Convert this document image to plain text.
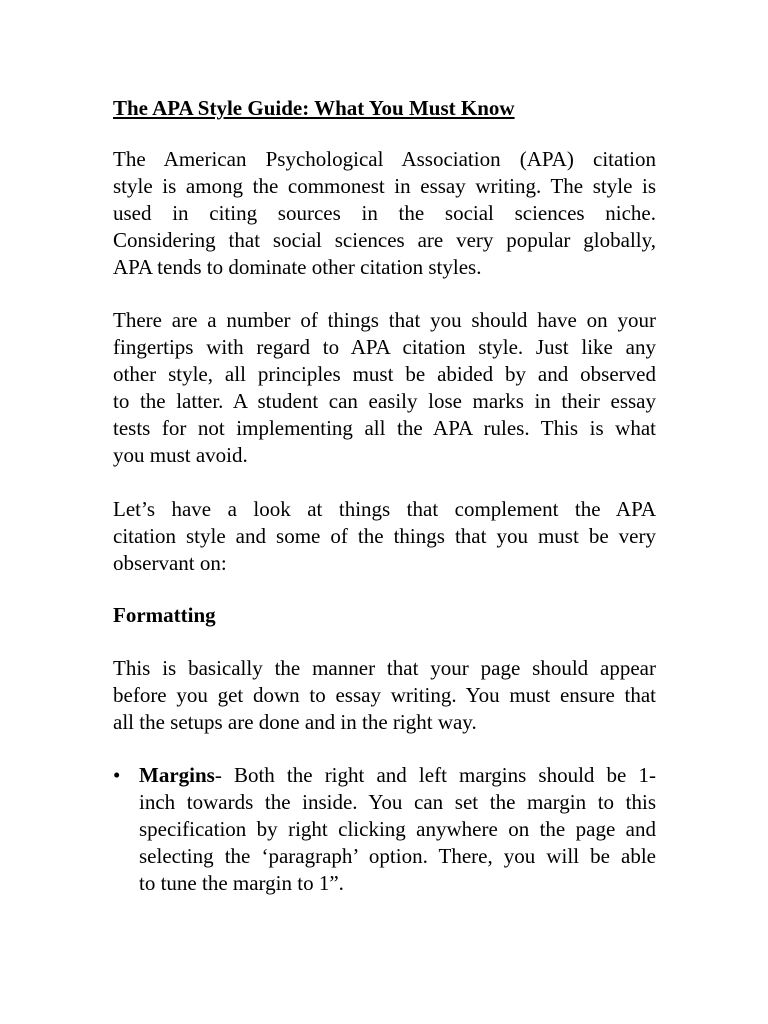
The APA Style Guide: What You Must Know
The American Psychological Association (APA) citation
style is among the commonest in essay writing. The style is
used in citing sources in the social sciences niche.
Considering that social sciences are very popular globally,
APA tends to dominate other citation styles.
There are a number of things that you should have on your
fingertips with regard to APA citation style. Just like any
other style, all principles must be abided by and observed
to the latter. A student can easily lose marks in their essay
tests for not implementing all the APA rules. This is what
you must avoid.
Let’s have a look at things that complement the APA
citation style and some of the things that you must be very
observant on:
Formatting
This is basically the manner that your page should appear
before you get down to essay writing. You must ensure that
all the setups are done and in the right way.
• Margins- Both the right and left margins should be 1-
inch towards the inside. You can set the margin to this
specification by right clicking anywhere on the page and
selecting the ‘paragraph’ option. There, you will be able
to tune the margin to 1”.
